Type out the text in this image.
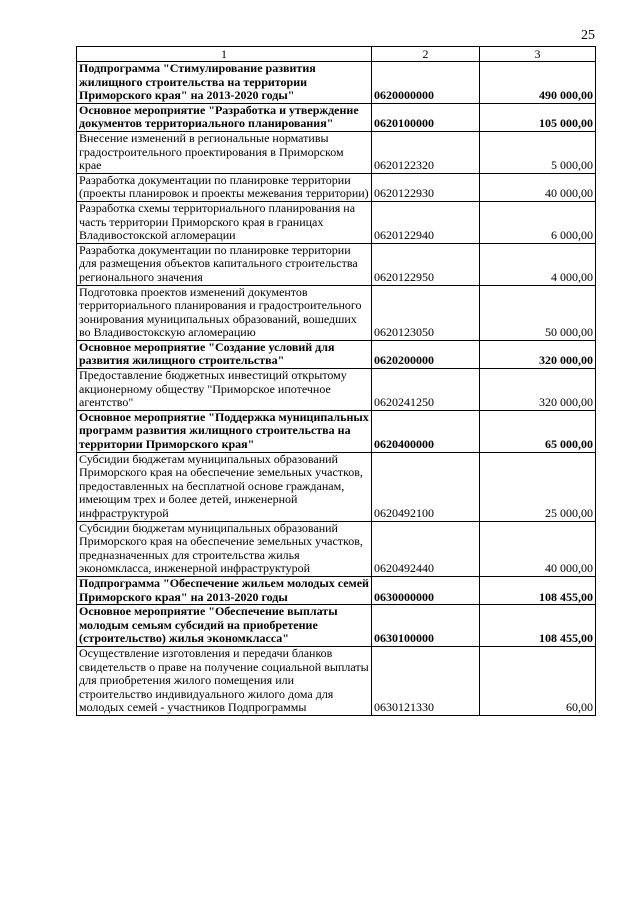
25
1	2	3
Подпрограмма "Стимулирование развития жилищного строительства на территории Приморского края" на 2013-2020 годы"	0620000000	490 000,00
Основное мероприятие "Разработка и утверждение документов территориального планирования"	0620100000	105 000,00
Внесение изменений в региональные нормативы градостроительного проектирования в Приморском крае	0620122320	5 000,00
Разработка документации по планировке территории (проекты планировок и проекты межевания территории)	0620122930	40 000,00
Разработка схемы территориального планирования на часть территории Приморского края в границах Владивостокской агломерации	0620122940	6 000,00
Разработка документации по планировке территории для размещения объектов капитального строительства регионального значения	0620122950	4 000,00
Подготовка проектов изменений документов территориального планирования и градостроительного зонирования муниципальных образований, вошедших во Владивостокскую агломерацию	0620123050	50 000,00
Основное мероприятие "Создание условий для развития жилищного строительства"	0620200000	320 000,00
Предоставление бюджетных инвестиций открытому акционерному обществу "Приморское ипотечное агентство"	0620241250	320 000,00
Основное мероприятие "Поддержка муниципальных программ развития жилищного строительства на территории Приморского края"	0620400000	65 000,00
Субсидии бюджетам муниципальных образований Приморского края на обеспечение земельных участков, предоставленных на бесплатной основе гражданам, имеющим трех и более детей, инженерной инфраструктурой	0620492100	25 000,00
Субсидии бюджетам муниципальных образований Приморского края на обеспечение земельных участков, предназначенных для строительства жилья экономкласса, инженерной инфраструктурой	0620492440	40 000,00
Подпрограмма "Обеспечение жильем молодых семей Приморского края" на 2013-2020 годы	0630000000	108 455,00
Основное мероприятие "Обеспечение выплаты молодым семьям субсидий на приобретение (строительство) жилья экономкласса"	0630100000	108 455,00
Осуществление изготовления и передачи бланков свидетельств о праве на получение социальной выплаты для приобретения жилого помещения или строительство индивидуального жилого дома для молодых семей - участников Подпрограммы	0630121330	60,00
